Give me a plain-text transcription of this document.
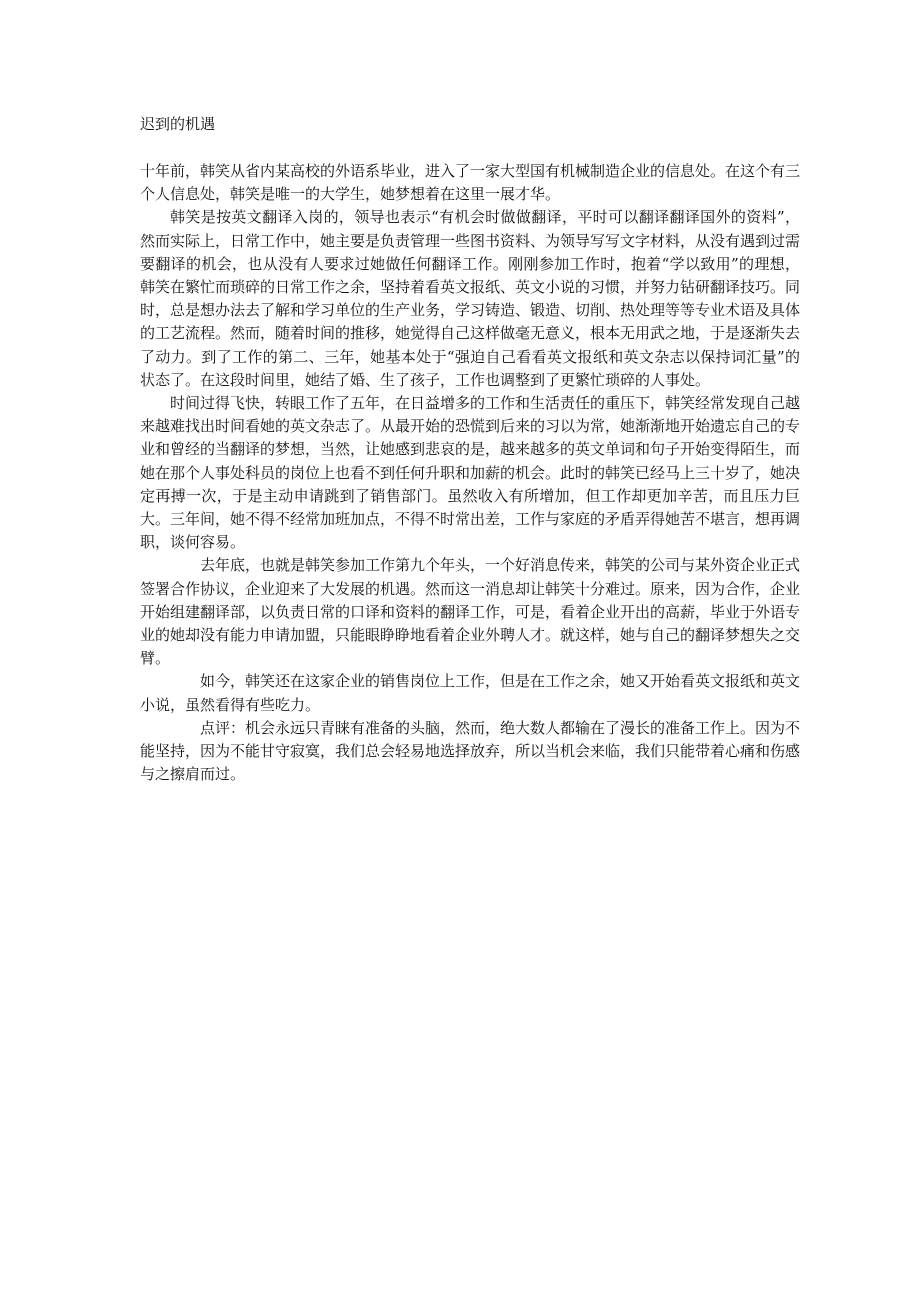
迟到的机遇

十年前，韩笑从省内某高校的外语系毕业，进入了一家大型国有机械制造企业的信息处。在这个有三个人信息处，韩笑是唯一的大学生，她梦想着在这里一展才华。

韩笑是按英文翻译入岗的，领导也表示“有机会时做做翻译，平时可以翻译翻译国外的资料”，然而实际上，日常工作中，她主要是负责管理一些图书资料、为领导写写文字材料，从没有遇到过需要翻译的机会，也从没有人要求过她做任何翻译工作。刚刚参加工作时，抱着“学以致用”的理想，韩笑在繁忙而琐碎的日常工作之余，坚持着看英文报纸、英文小说的习惯，并努力钻研翻译技巧。同时，总是想办法去了解和学习单位的生产业务，学习铸造、锻造、切削、热处理等等专业术语及具体的工艺流程。然而，随着时间的推移，她觉得自己这样做毫无意义，根本无用武之地，于是逐渐失去了动力。到了工作的第二、三年，她基本处于“强迫自己看看英文报纸和英文杂志以保持词汇量”的状态了。在这段时间里，她结了婚、生了孩子，工作也调整到了更繁忙琐碎的人事处。

时间过得飞快，转眼工作了五年，在日益增多的工作和生活责任的重压下，韩笑经常发现自己越来越难找出时间看她的英文杂志了。从最开始的恐慌到后来的习以为常，她渐渐地开始遗忘自己的专业和曾经的当翻译的梦想，当然，让她感到悲哀的是，越来越多的英文单词和句子开始变得陌生，而她在那个人事处科员的岗位上也看不到任何升职和加薪的机会。此时的韩笑已经马上三十岁了，她决定再搏一次，于是主动申请跳到了销售部门。虽然收入有所增加，但工作却更加辛苦，而且压力巨大。三年间，她不得不经常加班加点，不得不时常出差，工作与家庭的矛盾弄得她苦不堪言，想再调职，谈何容易。

去年底，也就是韩笑参加工作第九个年头，一个好消息传来，韩笑的公司与某外资企业正式签署合作协议，企业迎来了大发展的机遇。然而这一消息却让韩笑十分难过。原来，因为合作，企业开始组建翻译部，以负责日常的口译和资料的翻译工作，可是，看着企业开出的高薪，毕业于外语专业的她却没有能力申请加盟，只能眼睁睁地看着企业外聘人才。就这样，她与自己的翻译梦想失之交臂。

如今，韩笑还在这家企业的销售岗位上工作，但是在工作之余，她又开始看英文报纸和英文小说，虽然看得有些吃力。

点评：机会永远只青睐有准备的头脑，然而，绝大数人都输在了漫长的准备工作上。因为不能坚持，因为不能甘守寂寞，我们总会轻易地选择放弃，所以当机会来临，我们只能带着心痛和伤感与之擦肩而过。
